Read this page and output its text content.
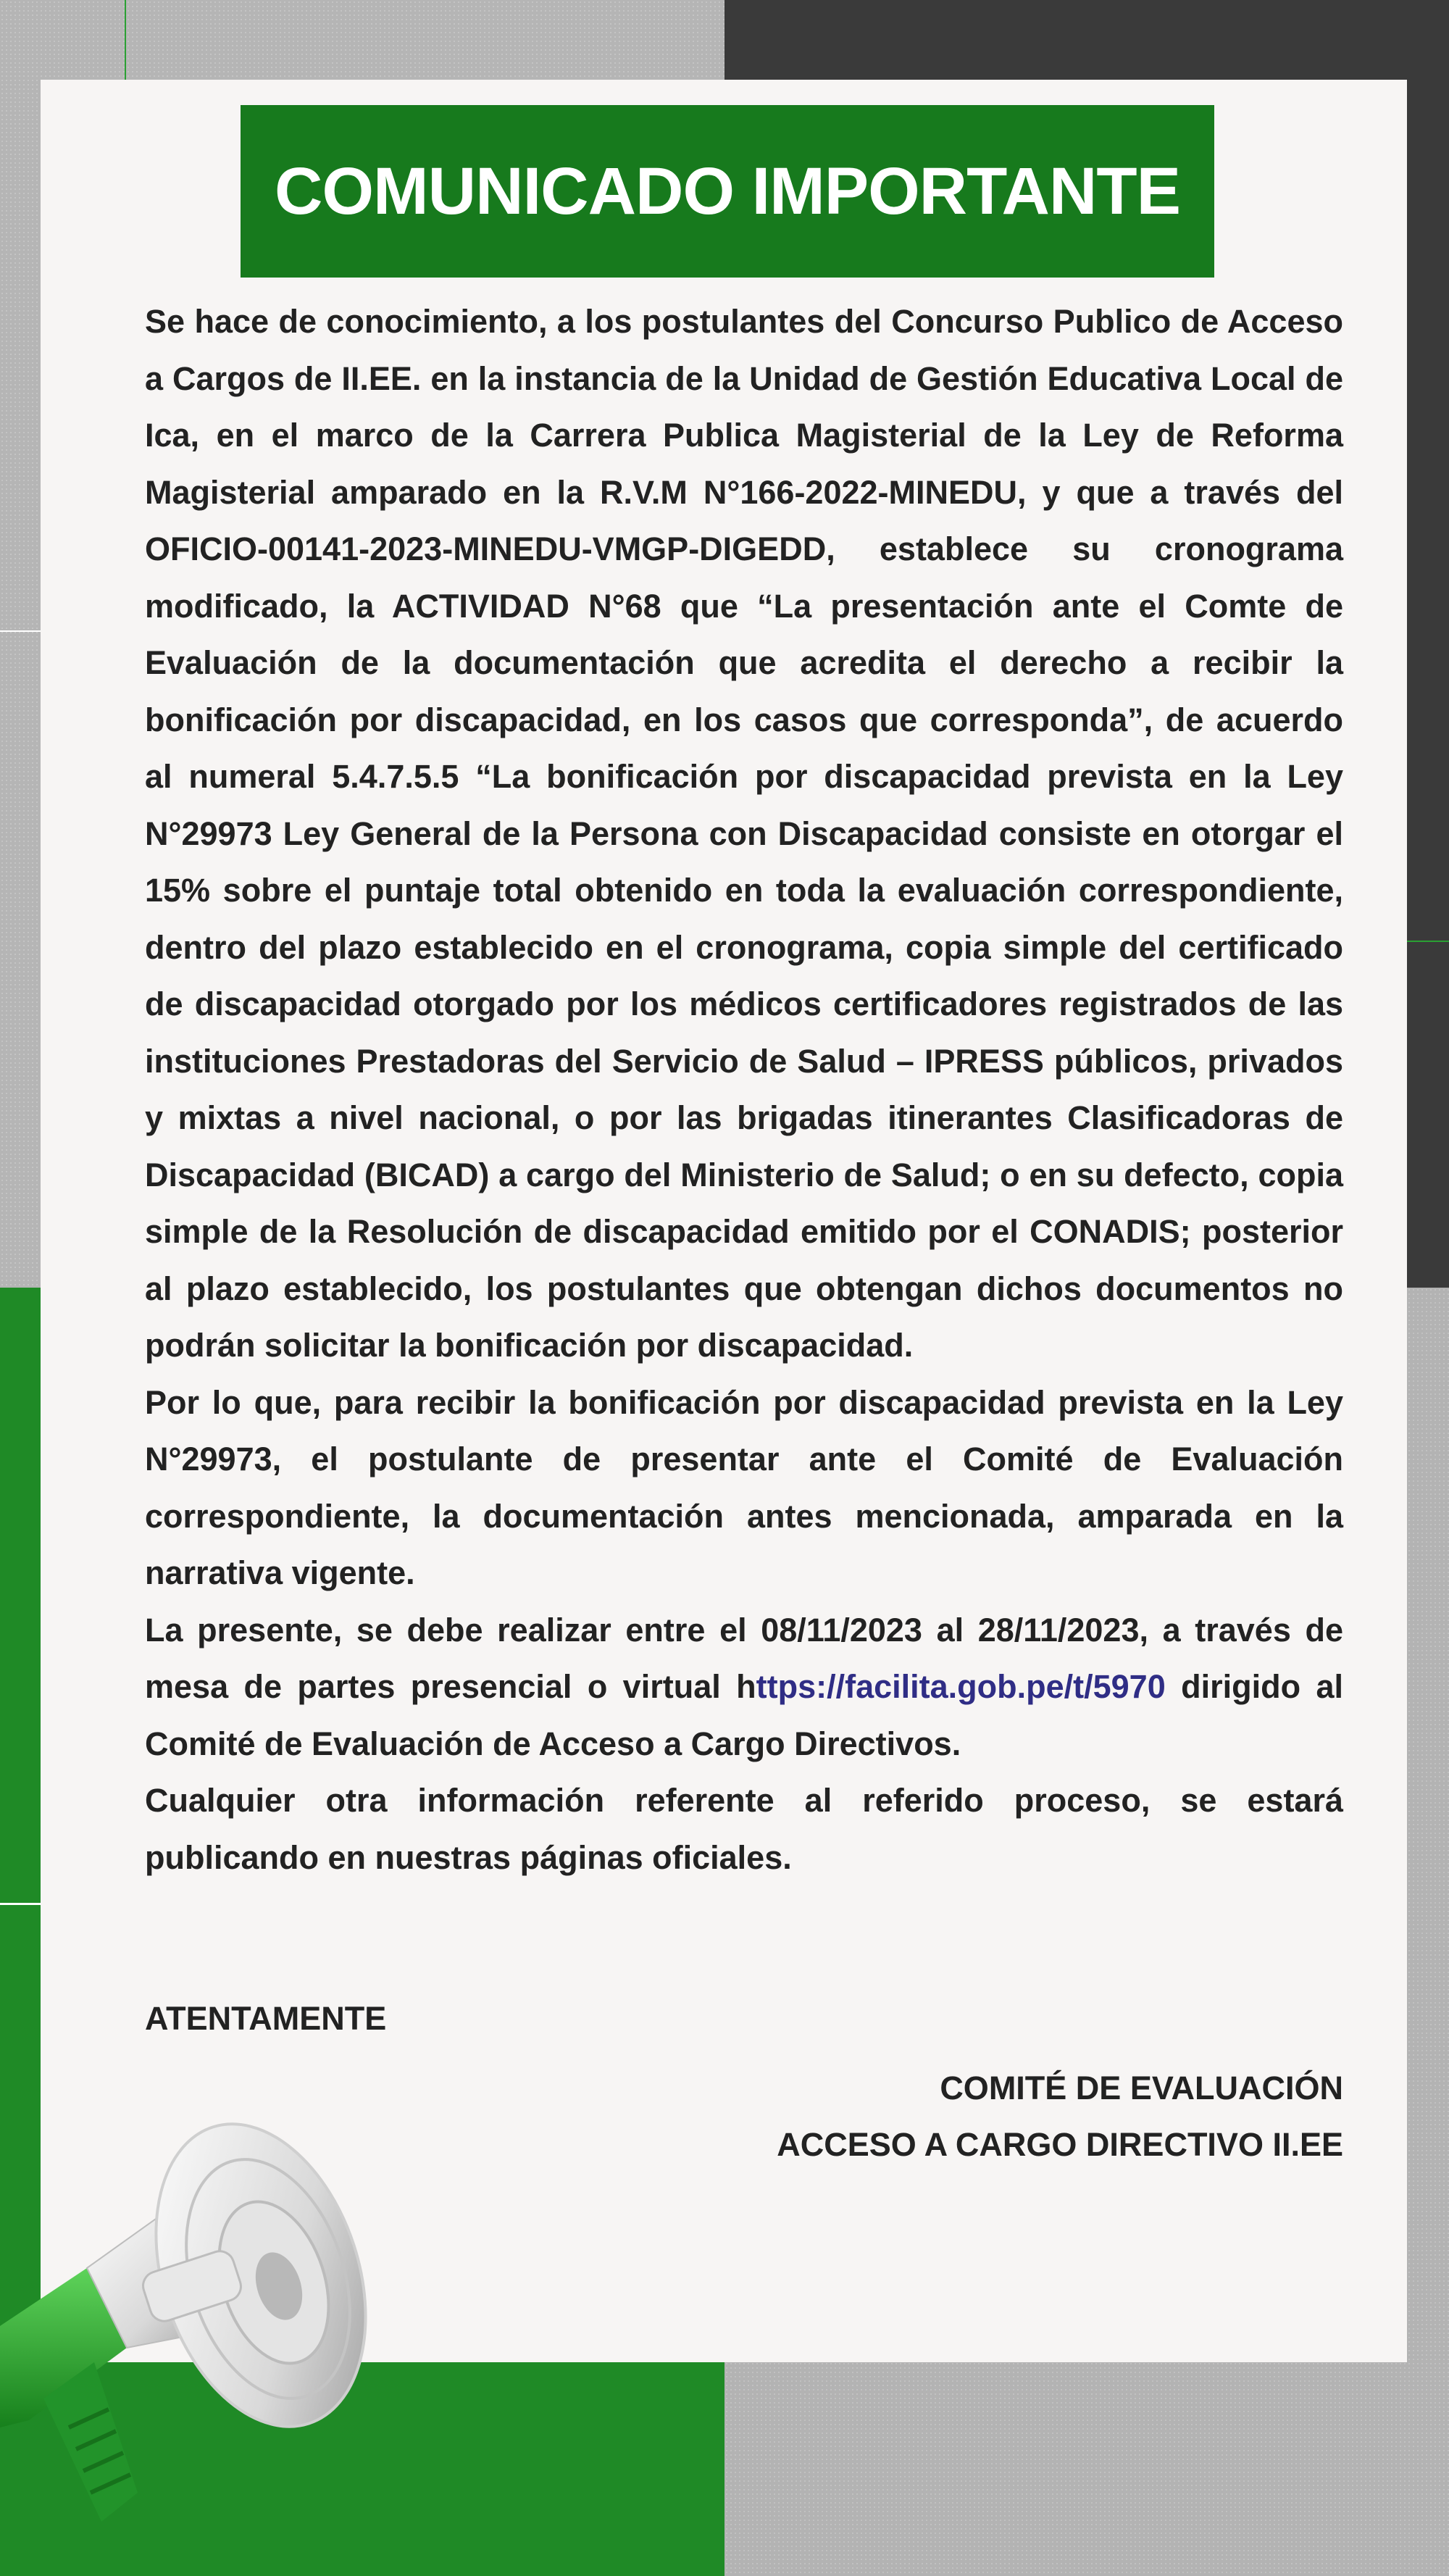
COMUNICADO IMPORTANTE

Se hace de conocimiento, a los postulantes del Concurso Publico de Acceso a Cargos de II.EE. en la instancia de la Unidad de Gestión Educativa Local de Ica, en el marco de la Carrera Publica Magisterial de la Ley de Reforma Magisterial amparado en la R.V.M N°166-2022-MINEDU, y que a través del OFICIO-00141-2023-MINEDU-VMGP-DIGEDD, establece su cronograma modificado, la ACTIVIDAD N°68 que “La presentación ante el Comte de Evaluación de la documentación que acredita el derecho a recibir la bonificación por discapacidad, en los casos que corresponda”, de acuerdo al numeral 5.4.7.5.5 “La bonificación por discapacidad prevista en la Ley N°29973 Ley General de la Persona con Discapacidad consiste en otorgar el 15% sobre el puntaje total obtenido en toda la evaluación correspondiente, dentro del plazo establecido en el cronograma, copia simple del certificado de discapacidad otorgado por los médicos certificadores registrados de las instituciones Prestadoras del Servicio de Salud – IPRESS públicos, privados y mixtas a nivel nacional, o por las brigadas itinerantes Clasificadoras de Discapacidad (BICAD) a cargo del Ministerio de Salud; o en su defecto, copia simple de la Resolución de discapacidad emitido por el CONADIS; posterior al plazo establecido, los postulantes que obtengan dichos documentos no podrán solicitar la bonificación por discapacidad.

Por lo que, para recibir la bonificación por discapacidad prevista en la Ley N°29973, el postulante de presentar ante el Comité de Evaluación correspondiente, la documentación antes mencionada, amparada en la narrativa vigente.

La presente, se debe realizar entre el 08/11/2023 al 28/11/2023, a través de mesa de partes presencial o virtual https://facilita.gob.pe/t/5970 dirigido al Comité de Evaluación de Acceso a Cargo Directivos.

Cualquier otra información referente al referido proceso, se estará publicando en nuestras páginas oficiales.

ATENTAMENTE
COMITÉ DE EVALUACIÓN
ACCESO A CARGO DIRECTIVO II.EE
